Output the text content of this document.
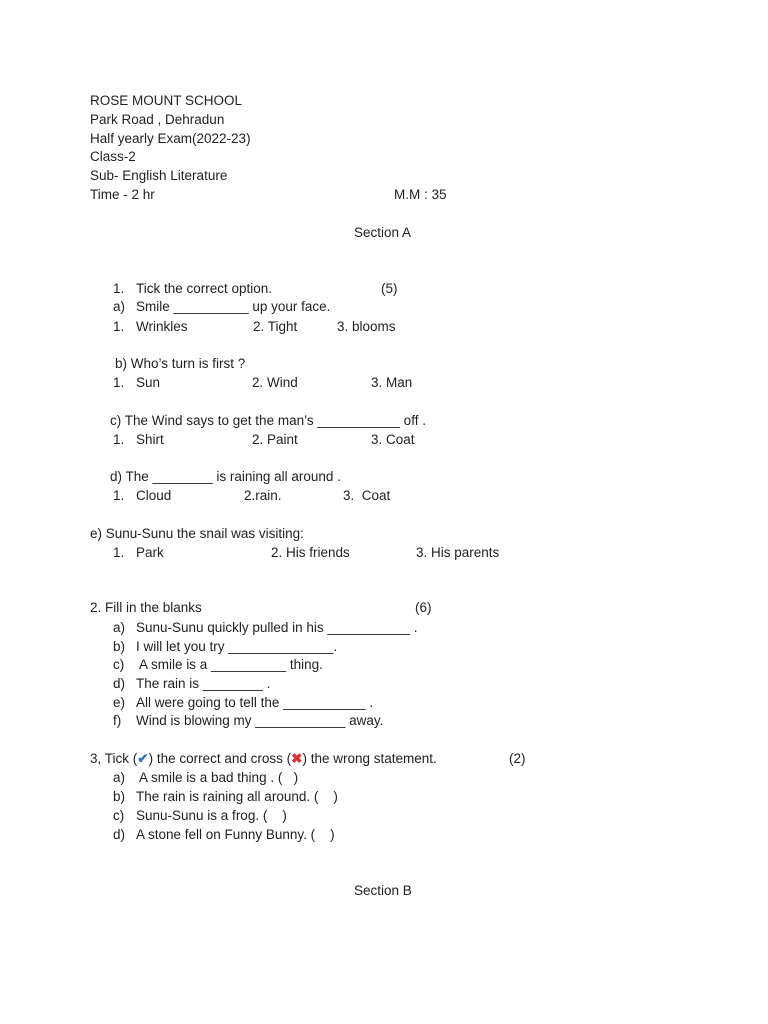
ROSE MOUNT SCHOOL
Park Road , Dehradun
Half yearly Exam(2022-23)
Class-2
Sub- English Literature
Time - 2 hr	M.M : 35
Section A
1. Tick the correct option.	(5)
a) Smile __________ up your face.
1. Wrinkles	2. Tight	3. blooms
b) Who’s turn is first ?
1. Sun	2. Wind	3. Man
c) The Wind says to get the man’s ___________ off .
1. Shirt	2. Paint	3. Coat
d) The ________ is raining all around .
1. Cloud	2.rain.	3.  Coat
e) Sunu-Sunu the snail was visiting:
1. Park	2. His friends	3. His parents
2. Fill in the blanks	(6)
a) Sunu-Sunu quickly pulled in his ___________ .
b) I will let you try ______________.
c) A smile is a __________ thing.
d) The rain is ________ .
e) All were going to tell the ___________ .
f) Wind is blowing my ____________ away.
3, Tick (✔) the correct and cross (✖) the wrong statement.	(2)
a) A smile is a bad thing . (   )
b) The rain is raining all around. (    )
c) Sunu-Sunu is a frog. (    )
d) A stone fell on Funny Bunny. (    )
Section B
